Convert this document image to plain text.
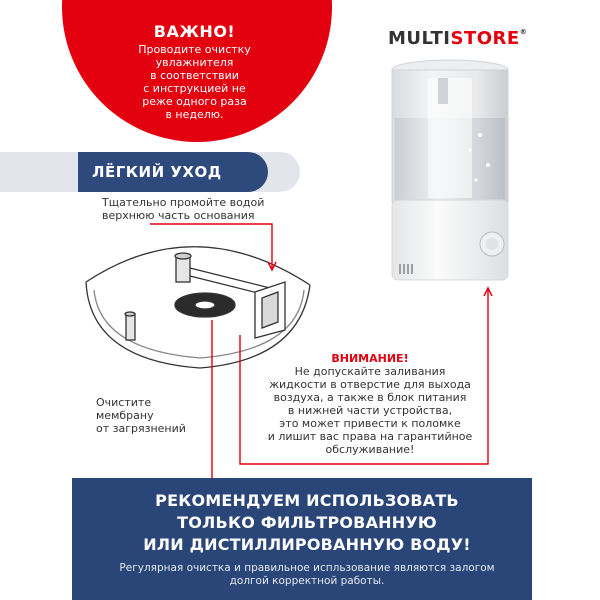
ВАЖНО!
Проводите очистку
увлажнителя
в соответствии
с инструкцией не
реже одного раза
в неделю.
MULTISTORE®
ЛЁГКИЙ УХОД
Тщательно промойте водой
верхнюю часть основания
Очистите
мембрану
от загрязнений
ВНИМАНИЕ!
Не допускайте заливания
жидкости в отверстие для выхода
воздуха, а также в блок питания
в нижней части устройства,
это может привести к поломке
и лишит вас права на гарантийное
обслуживание!
РЕКОМЕНДУЕМ ИСПОЛЬЗОВАТЬ
ТОЛЬКО ФИЛЬТРОВАННУЮ
ИЛИ ДИСТИЛЛИРОВАННУЮ ВОДУ!
Регулярная очистка и правильное испльзование являются залогом
долгой корректной работы.
